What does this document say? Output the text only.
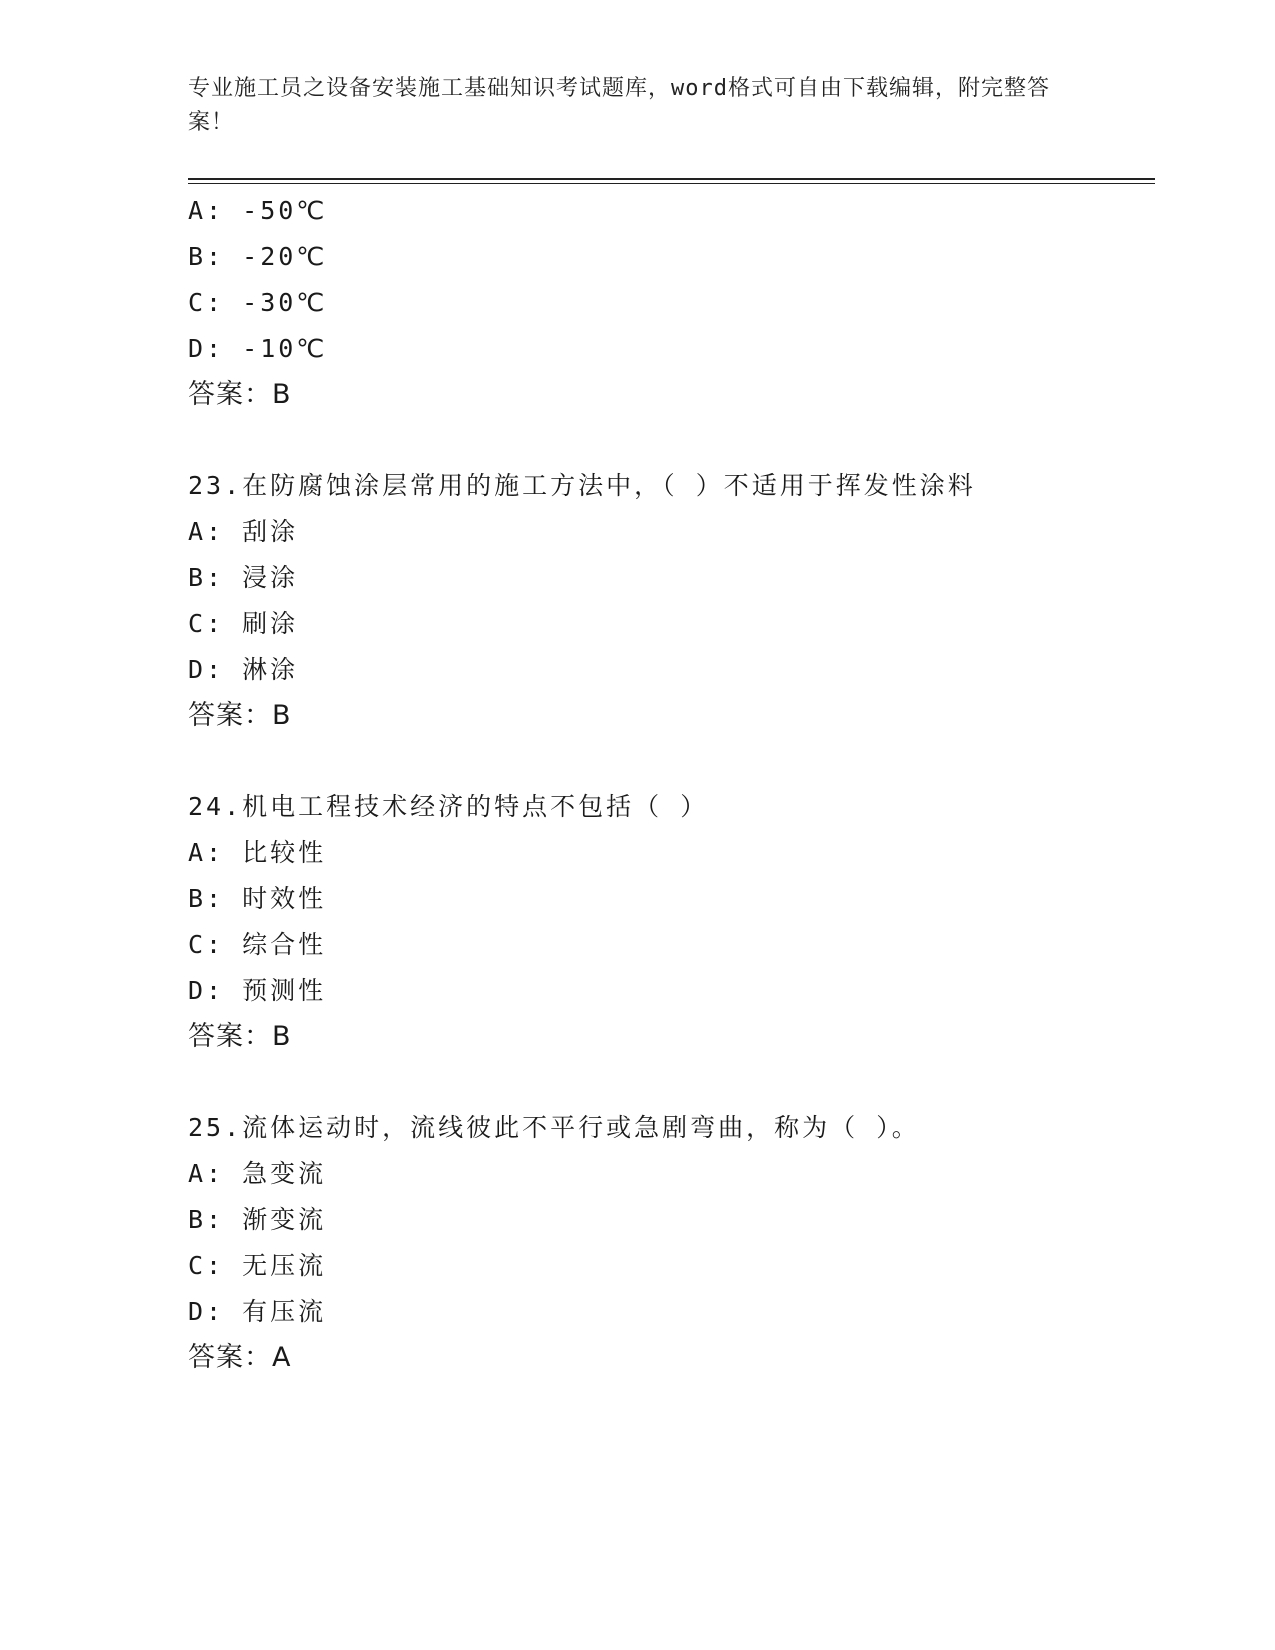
专业施工员之设备安装施工基础知识考试题库，word格式可自由下载编辑，附完整答案！
A: -50℃
B: -20℃
C: -30℃
D: -10℃
答案：B
23.在防腐蚀涂层常用的施工方法中，（ ）不适用于挥发性涂料
A: 刮涂
B: 浸涂
C: 刷涂
D: 淋涂
答案：B
24.机电工程技术经济的特点不包括（ ）
A: 比较性
B: 时效性
C: 综合性
D: 预测性
答案：B
25.流体运动时，流线彼此不平行或急剧弯曲，称为（ ）。
A: 急变流
B: 渐变流
C: 无压流
D: 有压流
答案：A
